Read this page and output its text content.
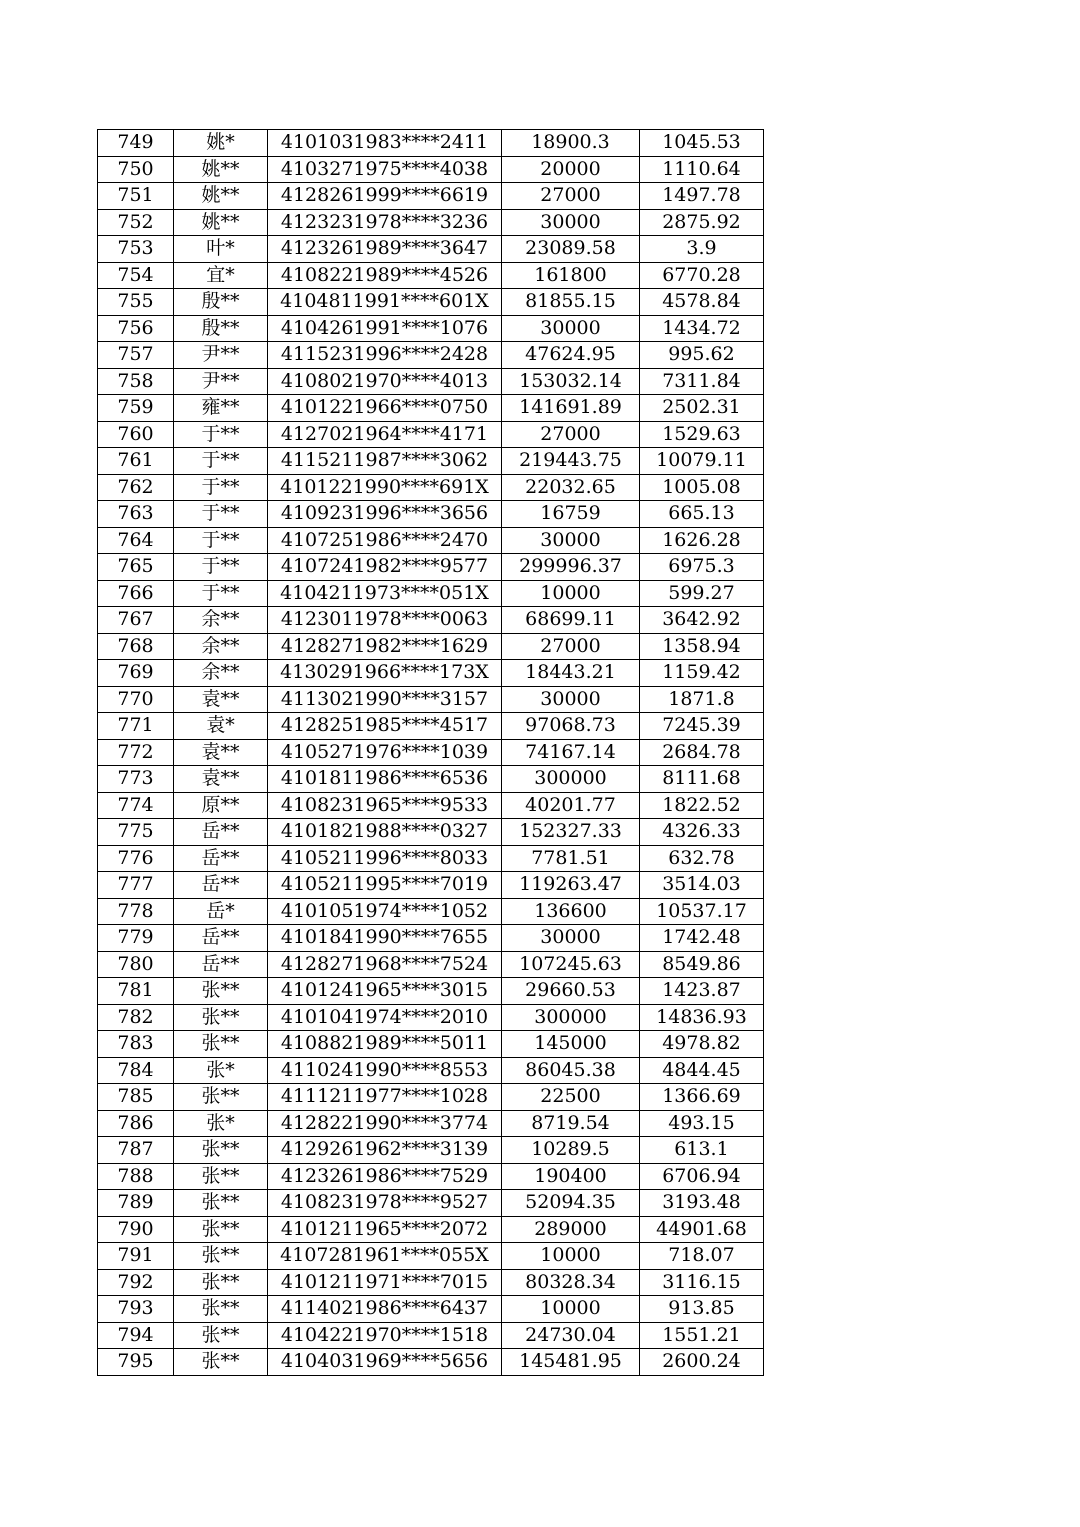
749	姚*	4101031983****2411	18900.3	1045.53
750	姚**	4103271975****4038	20000	1110.64
751	姚**	4128261999****6619	27000	1497.78
752	姚**	4123231978****3236	30000	2875.92
753	叶*	4123261989****3647	23089.58	3.9
754	宜*	4108221989****4526	161800	6770.28
755	殷**	4104811991****601X	81855.15	4578.84
756	殷**	4104261991****1076	30000	1434.72
757	尹**	4115231996****2428	47624.95	995.62
758	尹**	4108021970****4013	153032.14	7311.84
759	雍**	4101221966****0750	141691.89	2502.31
760	于**	4127021964****4171	27000	1529.63
761	于**	4115211987****3062	219443.75	10079.11
762	于**	4101221990****691X	22032.65	1005.08
763	于**	4109231996****3656	16759	665.13
764	于**	4107251986****2470	30000	1626.28
765	于**	4107241982****9577	299996.37	6975.3
766	于**	4104211973****051X	10000	599.27
767	余**	4123011978****0063	68699.11	3642.92
768	余**	4128271982****1629	27000	1358.94
769	余**	4130291966****173X	18443.21	1159.42
770	袁**	4113021990****3157	30000	1871.8
771	袁*	4128251985****4517	97068.73	7245.39
772	袁**	4105271976****1039	74167.14	2684.78
773	袁**	4101811986****6536	300000	8111.68
774	原**	4108231965****9533	40201.77	1822.52
775	岳**	4101821988****0327	152327.33	4326.33
776	岳**	4105211996****8033	7781.51	632.78
777	岳**	4105211995****7019	119263.47	3514.03
778	岳*	4101051974****1052	136600	10537.17
779	岳**	4101841990****7655	30000	1742.48
780	岳**	4128271968****7524	107245.63	8549.86
781	张**	4101241965****3015	29660.53	1423.87
782	张**	4101041974****2010	300000	14836.93
783	张**	4108821989****5011	145000	4978.82
784	张*	4110241990****8553	86045.38	4844.45
785	张**	4111211977****1028	22500	1366.69
786	张*	4128221990****3774	8719.54	493.15
787	张**	4129261962****3139	10289.5	613.1
788	张**	4123261986****7529	190400	6706.94
789	张**	4108231978****9527	52094.35	3193.48
790	张**	4101211965****2072	289000	44901.68
791	张**	4107281961****055X	10000	718.07
792	张**	4101211971****7015	80328.34	3116.15
793	张**	4114021986****6437	10000	913.85
794	张**	4104221970****1518	24730.04	1551.21
795	张**	4104031969****5656	145481.95	2600.24
